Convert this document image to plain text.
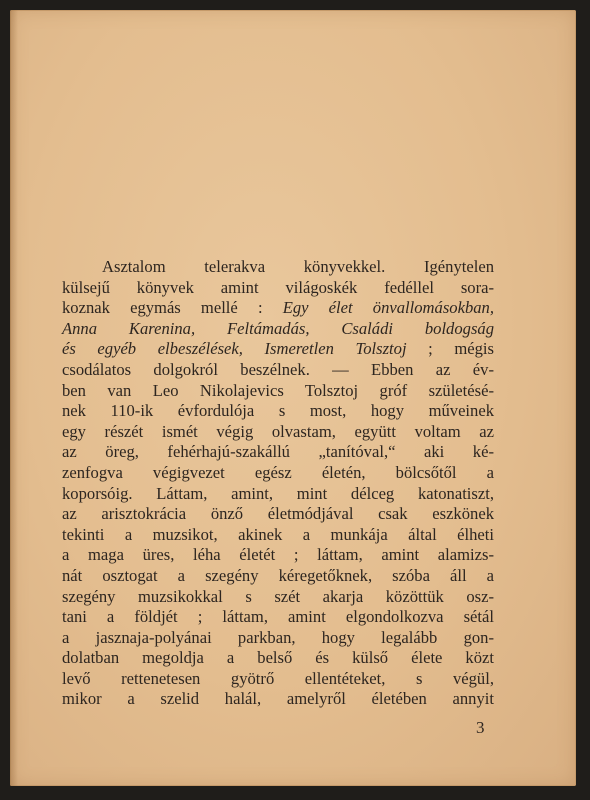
Asztalom telerakva könyvekkel. Igénytelen
külsejű könyvek amint világoskék fedéllel sora-
koznak egymás mellé : Egy élet önvallomásokban,
Anna Karenina, Feltámadás, Családi boldogság
és egyéb elbeszélések, Ismeretlen Tolsztoj ; mégis
csodálatos dolgokról beszélnek. — Ebben az év-
ben van Leo Nikolajevics Tolsztoj gróf születésé-
nek 110-ik évfordulója s most, hogy műveinek
egy részét ismét végig olvastam, együtt voltam az
az öreg, fehérhajú-szakállú „tanítóval,“ aki ké-
zenfogva végigvezet egész életén, bölcsőtől a
koporsóig. Láttam, amint, mint délceg katonatiszt,
az arisztokrácia önző életmódjával csak eszkönek
tekinti a muzsikot, akinek a munkája által élheti
a maga üres, léha életét ; láttam, amint alamizs-
nát osztogat a szegény kéregetőknek, szóba áll a
szegény muzsikokkal s szét akarja közöttük osz-
tani a földjét ; láttam, amint elgondolkozva sétál
a jasznaja-polyánai parkban, hogy legalább gon-
dolatban megoldja a belső és külső élete közt
levő rettenetesen gyötrő ellentéteket, s végül,
mikor a szelid halál, amelyről életében annyit

3
